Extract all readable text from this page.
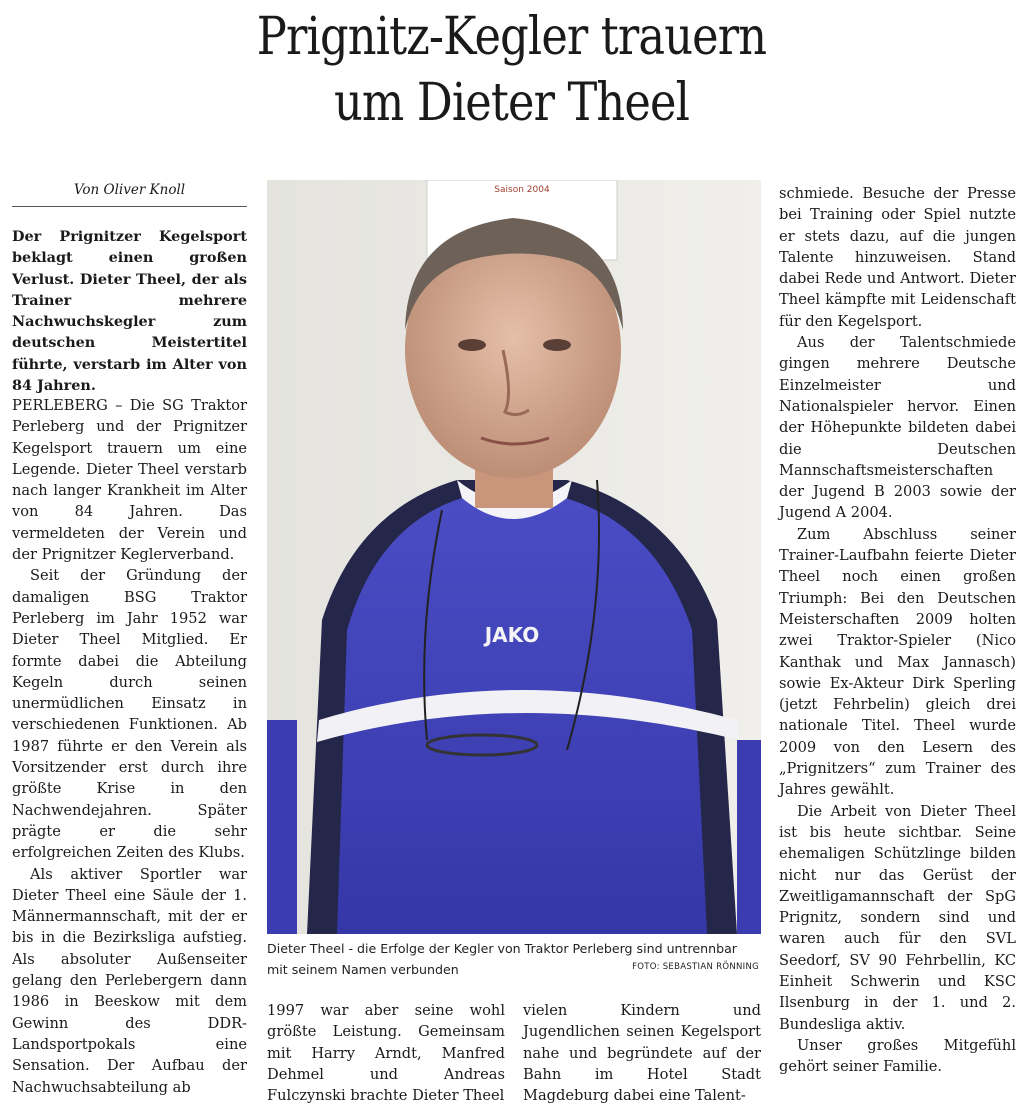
Prignitz-Kegler trauern
um Dieter Theel
Von Oliver Knoll

Der Prignitzer Kegelsport beklagt einen großen Verlust. Dieter Theel, der als Trainer mehrere Nachwuchskegler zum deutschen Meistertitel führte, verstarb im Alter von 84 Jahren.

PERLEBERG – Die SG Traktor Perleberg und der Prignitzer Kegelsport trauern um eine Legende. Dieter Theel verstarb nach langer Krankheit im Alter von 84 Jahren. Das vermeldeten der Verein und der Prignitzer Keglerverband.

Seit der Gründung der damaligen BSG Traktor Perleberg im Jahr 1952 war Dieter Theel Mitglied. Er formte dabei die Abteilung Kegeln durch seinen unermüdlichen Einsatz in verschiedenen Funktionen. Ab 1987 führte er den Verein als Vorsitzender erst durch ihre größte Krise in den Nachwendejahren. Später prägte er die sehr erfolgreichen Zeiten des Klubs.

Als aktiver Sportler war Dieter Theel eine Säule der 1. Männermannschaft, mit der er bis in die Bezirksliga aufstieg. Als absoluter Außenseiter gelang den Perlebergern dann 1986 in Beeskow mit dem Gewinn des DDR-Landsportpokals eine Sensation. Der Aufbau der Nachwuchsabteilung ab

Saison 2004
JAKO
Dieter Theel - die Erfolge der Kegler von Traktor Perleberg sind untrennbar mit seinem Namen verbunden	FOTO: SEBASTIAN RÖNNING

1997 war aber seine wohl größte Leistung. Gemeinsam mit Harry Arndt, Manfred Dehmel und Andreas Fulczynski brachte Dieter Theel

vielen Kindern und Jugendlichen seinen Kegelsport nahe und begründete auf der Bahn im Hotel Stadt Magdeburg dabei eine Talent-

schmiede. Besuche der Presse bei Training oder Spiel nutzte er stets dazu, auf die jungen Talente hinzuweisen. Stand dabei Rede und Antwort. Dieter Theel kämpfte mit Leidenschaft für den Kegelsport.

Aus der Talentschmiede gingen mehrere Deutsche Einzelmeister und Nationalspieler hervor. Einen der Höhepunkte bildeten dabei die Deutschen Mannschaftsmeisterschaften der Jugend B 2003 sowie der Jugend A 2004.

Zum Abschluss seiner Trainer-Laufbahn feierte Dieter Theel noch einen großen Triumph: Bei den Deutschen Meisterschaften 2009 holten zwei Traktor-Spieler (Nico Kanthak und Max Jannasch) sowie Ex-Akteur Dirk Sperling (jetzt Fehrbelin) gleich drei nationale Titel. Theel wurde 2009 von den Lesern des „Prignitzers“ zum Trainer des Jahres gewählt.

Die Arbeit von Dieter Theel ist bis heute sichtbar. Seine ehemaligen Schützlinge bilden nicht nur das Gerüst der Zweitligamannschaft der SpG Prignitz, sondern sind und waren auch für den SVL Seedorf, SV 90 Fehrbellin, KC Einheit Schwerin und KSC Ilsenburg in der 1. und 2. Bundesliga aktiv.

Unser großes Mitgefühl gehört seiner Familie.
